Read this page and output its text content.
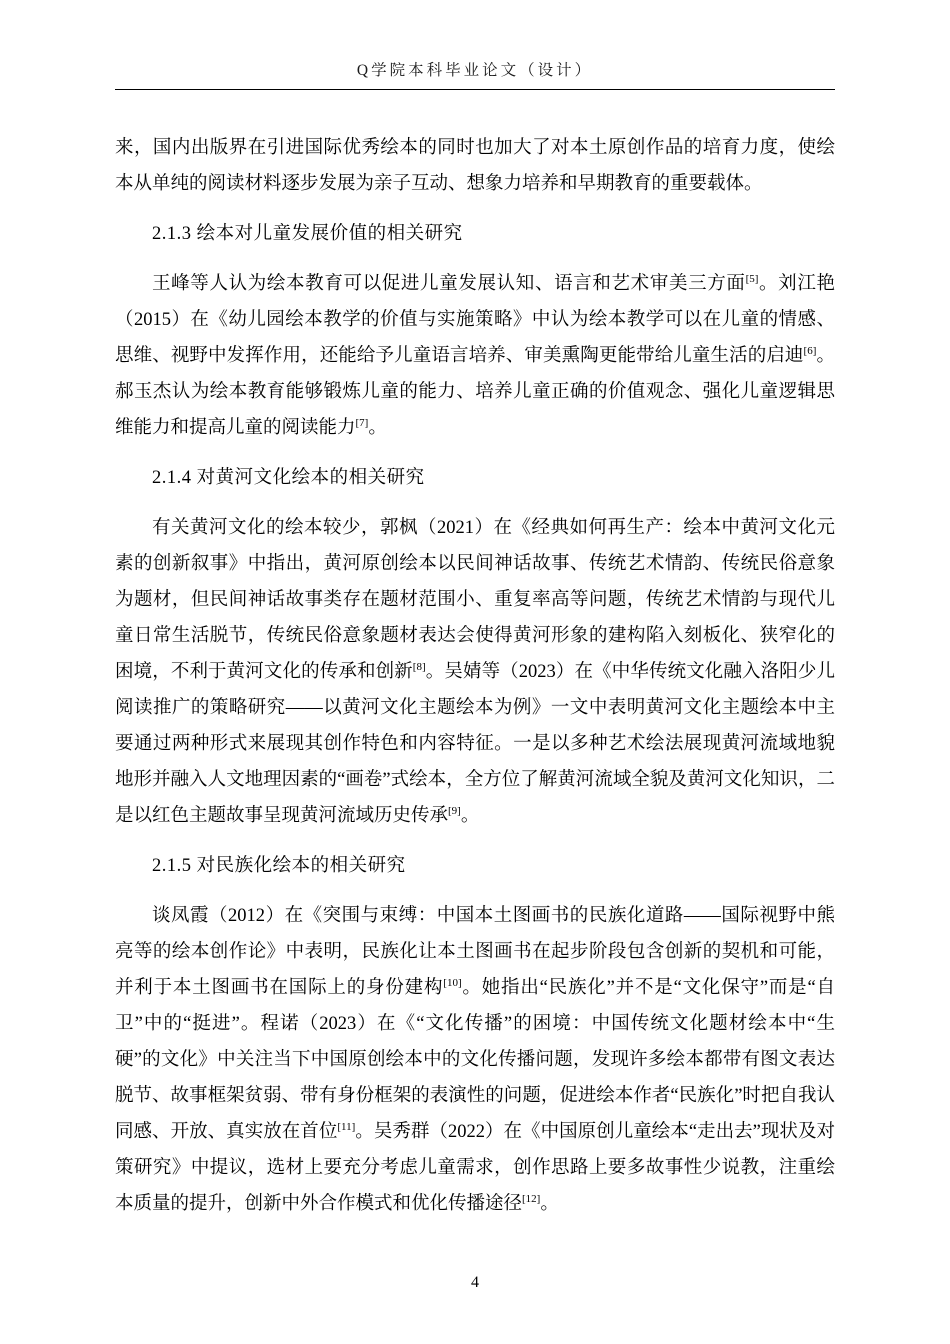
Q学院本科毕业论文（设计）

来，国内出版界在引进国际优秀绘本的同时也加大了对本土原创作品的培育力度，使绘本从单纯的阅读材料逐步发展为亲子互动、想象力培养和早期教育的重要载体。

2.1.3 绘本对儿童发展价值的相关研究

王峰等人认为绘本教育可以促进儿童发展认知、语言和艺术审美三方面[5]。刘江艳（2015）在《幼儿园绘本教学的价值与实施策略》中认为绘本教学可以在儿童的情感、思维、视野中发挥作用，还能给予儿童语言培养、审美熏陶更能带给儿童生活的启迪[6]。郝玉杰认为绘本教育能够锻炼儿童的能力、培养儿童正确的价值观念、强化儿童逻辑思维能力和提高儿童的阅读能力[7]。

2.1.4 对黄河文化绘本的相关研究

有关黄河文化的绘本较少，郭枫（2021）在《经典如何再生产：绘本中黄河文化元素的创新叙事》中指出，黄河原创绘本以民间神话故事、传统艺术情韵、传统民俗意象为题材，但民间神话故事类存在题材范围小、重复率高等问题，传统艺术情韵与现代儿童日常生活脱节，传统民俗意象题材表达会使得黄河形象的建构陷入刻板化、狭窄化的困境，不利于黄河文化的传承和创新[8]。吴婧等（2023）在《中华传统文化融入洛阳少儿阅读推广的策略研究——以黄河文化主题绘本为例》一文中表明黄河文化主题绘本中主要通过两种形式来展现其创作特色和内容特征。一是以多种艺术绘法展现黄河流域地貌地形并融入人文地理因素的“画卷”式绘本，全方位了解黄河流域全貌及黄河文化知识，二是以红色主题故事呈现黄河流域历史传承[9]。

2.1.5 对民族化绘本的相关研究

谈凤霞（2012）在《突围与束缚：中国本土图画书的民族化道路——国际视野中熊亮等的绘本创作论》中表明，民族化让本土图画书在起步阶段包含创新的契机和可能，并利于本土图画书在国际上的身份建构[10]。她指出“民族化”并不是“文化保守”而是“自卫”中的“挺进”。程诺（2023）在《“文化传播”的困境：中国传统文化题材绘本中“生硬”的文化》中关注当下中国原创绘本中的文化传播问题，发现许多绘本都带有图文表达脱节、故事框架贫弱、带有身份框架的表演性的问题，促进绘本作者“民族化”时把自我认同感、开放、真实放在首位[11]。吴秀群（2022）在《中国原创儿童绘本“走出去”现状及对策研究》中提议，选材上要充分考虑儿童需求，创作思路上要多故事性少说教，注重绘本质量的提升，创新中外合作模式和优化传播途径[12]。

4
